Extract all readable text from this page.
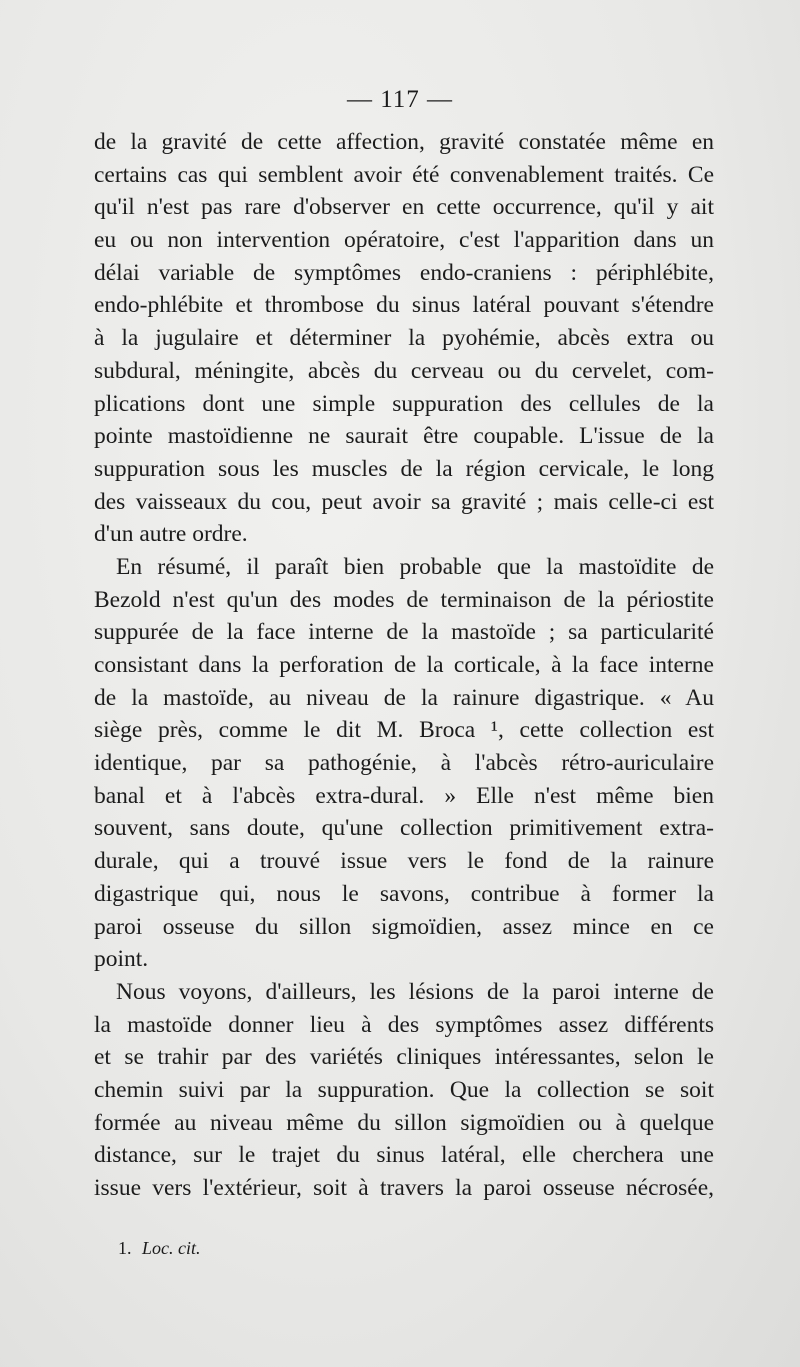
— 117 —
de la gravité de cette affection, gravité constatée même en
certains cas qui semblent avoir été convenablement traités. Ce
qu'il n'est pas rare d'observer en cette occurrence, qu'il y ait
eu ou non intervention opératoire, c'est l'apparition dans un
délai variable de symptômes endo-craniens : périphlébite,
endo-phlébite et thrombose du sinus latéral pouvant s'étendre
à la jugulaire et déterminer la pyohémie, abcès extra ou
subdural, méningite, abcès du cerveau ou du cervelet, com-
plications dont une simple suppuration des cellules de la
pointe mastoïdienne ne saurait être coupable. L'issue de la
suppuration sous les muscles de la région cervicale, le long
des vaisseaux du cou, peut avoir sa gravité ; mais celle-ci est
d'un autre ordre.
En résumé, il paraît bien probable que la mastoïdite de
Bezold n'est qu'un des modes de terminaison de la périostite
suppurée de la face interne de la mastoïde ; sa particularité
consistant dans la perforation de la corticale, à la face interne
de la mastoïde, au niveau de la rainure digastrique. « Au
siège près, comme le dit M. Broca ¹, cette collection est
identique, par sa pathogénie, à l'abcès rétro-auriculaire
banal et à l'abcès extra-dural. » Elle n'est même bien
souvent, sans doute, qu'une collection primitivement extra-
durale, qui a trouvé issue vers le fond de la rainure
digastrique qui, nous le savons, contribue à former la
paroi osseuse du sillon sigmoïdien, assez mince en ce
point.
Nous voyons, d'ailleurs, les lésions de la paroi interne de
la mastoïde donner lieu à des symptômes assez différents
et se trahir par des variétés cliniques intéressantes, selon le
chemin suivi par la suppuration. Que la collection se soit
formée au niveau même du sillon sigmoïdien ou à quelque
distance, sur le trajet du sinus latéral, elle cherchera une
issue vers l'extérieur, soit à travers la paroi osseuse nécrosée,
1. Loc. cit.
